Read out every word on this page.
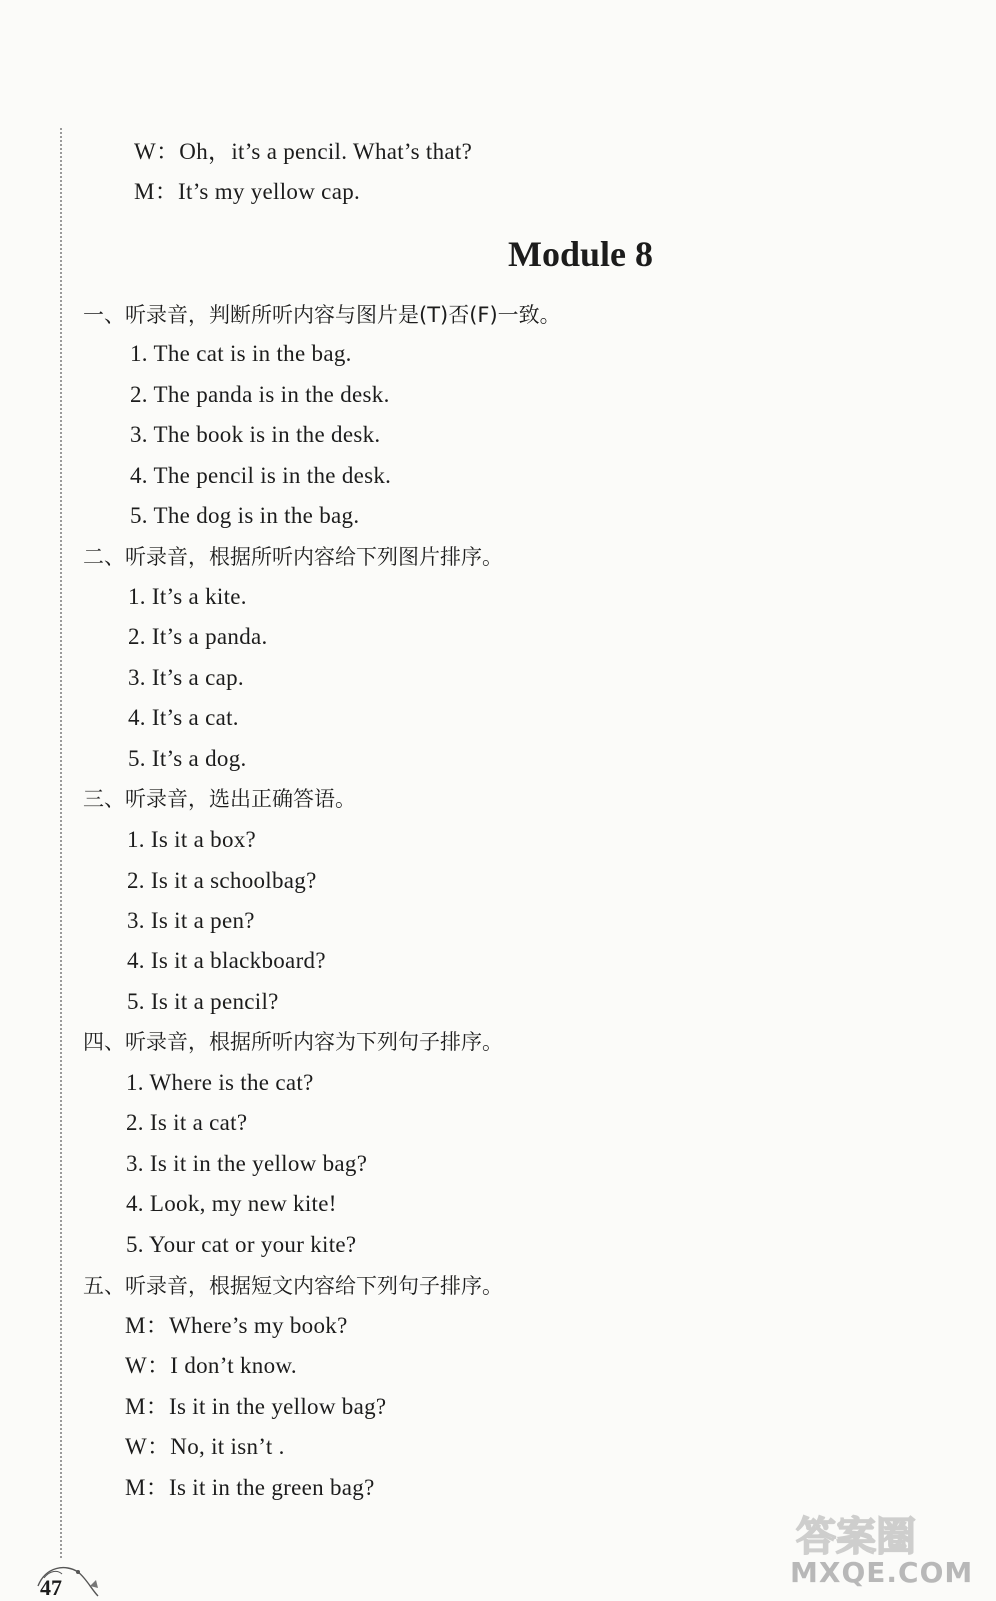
W：Oh，it’s a pencil. What’s that?
M：It’s my yellow cap.
Module 8
一、听录音，判断所听内容与图片是(T)否(F)一致。
1. The cat is in the bag.
2. The panda is in the desk.
3. The book is in the desk.
4. The pencil is in the desk.
5. The dog is in the bag.
二、听录音，根据所听内容给下列图片排序。
1. It’s a kite.
2. It’s a panda.
3. It’s a cap.
4. It’s a cat.
5. It’s a dog.
三、听录音，选出正确答语。
1. Is it a box?
2. Is it a schoolbag?
3. Is it a pen?
4. Is it a blackboard?
5. Is it a pencil?
四、听录音，根据所听内容为下列句子排序。
1. Where is the cat?
2. Is it a cat?
3. Is it in the yellow bag?
4. Look, my new kite!
5. Your cat or your kite?
五、听录音，根据短文内容给下列句子排序。
M：Where’s my book?
W：I don’t know.
M：Is it in the yellow bag?
W：No, it isn’t .
M：Is it in the green bag?
47
答案圈
MXQE.COM
